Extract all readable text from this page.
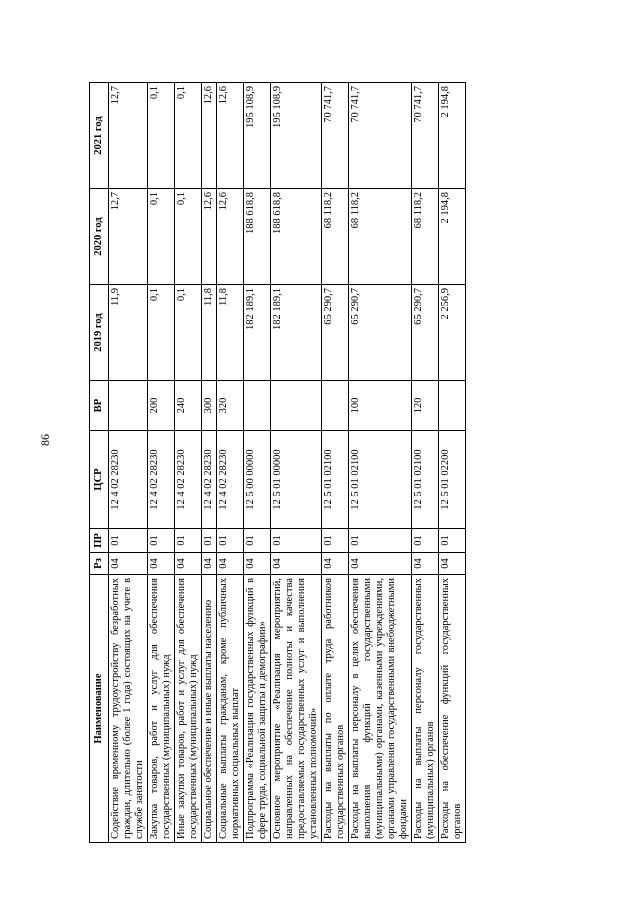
86
Наименование	Рз	ПР	ЦСР	ВР	2019 год	2020 год	2021 год
Содействие временному трудоустройству безработных граждан, длительно (более 1 года) состоящих на учете в службе занятости	04	01	12 4 02 28230		11,9	12,7	12,7
Закупка товаров, работ и услуг для обеспечения государственных (муниципальных) нужд	04	01	12 4 02 28230	200	0,1	0,1	0,1
Иные закупки товаров, работ и услуг для обеспечения государственных (муниципальных) нужд	04	01	12 4 02 28230	240	0,1	0,1	0,1
Социальное обеспечение и иные выплаты населению	04	01	12 4 02 28230	300	11,8	12,6	12,6
Социальные выплаты гражданам, кроме публичных нормативных социальных выплат	04	01	12 4 02 28230	320	11,8	12,6	12,6
Подпрограмма «Реализация государственных функций в сфере труда, социальной защиты и демографии»	04	01	12 5 00 00000		182 189,1	188 618,8	195 108,9
Основное мероприятие «Реализация мероприятий, направленных на обеспечение полноты и качества предоставляемых государственных услуг и выполнения установленных полномочий»	04	01	12 5 01 00000		182 189,1	188 618,8	195 108,9
Расходы на выплаты по оплате труда работников государственных органов	04	01	12 5 01 02100		65 290,7	68 118,2	70 741,7
Расходы на выплаты персоналу в целях обеспечения выполнения функций государственными (муниципальными) органами, казенными учреждениями, органами управления государственными внебюджетными фондами	04	01	12 5 01 02100	100	65 290,7	68 118,2	70 741,7
Расходы на выплаты персоналу государственных (муниципальных) органов	04	01	12 5 01 02100	120	65 290,7	68 118,2	70 741,7
Расходы на обеспечение функций государственных органов	04	01	12 5 01 02200		2 256,9	2 194,8	2 194,8
